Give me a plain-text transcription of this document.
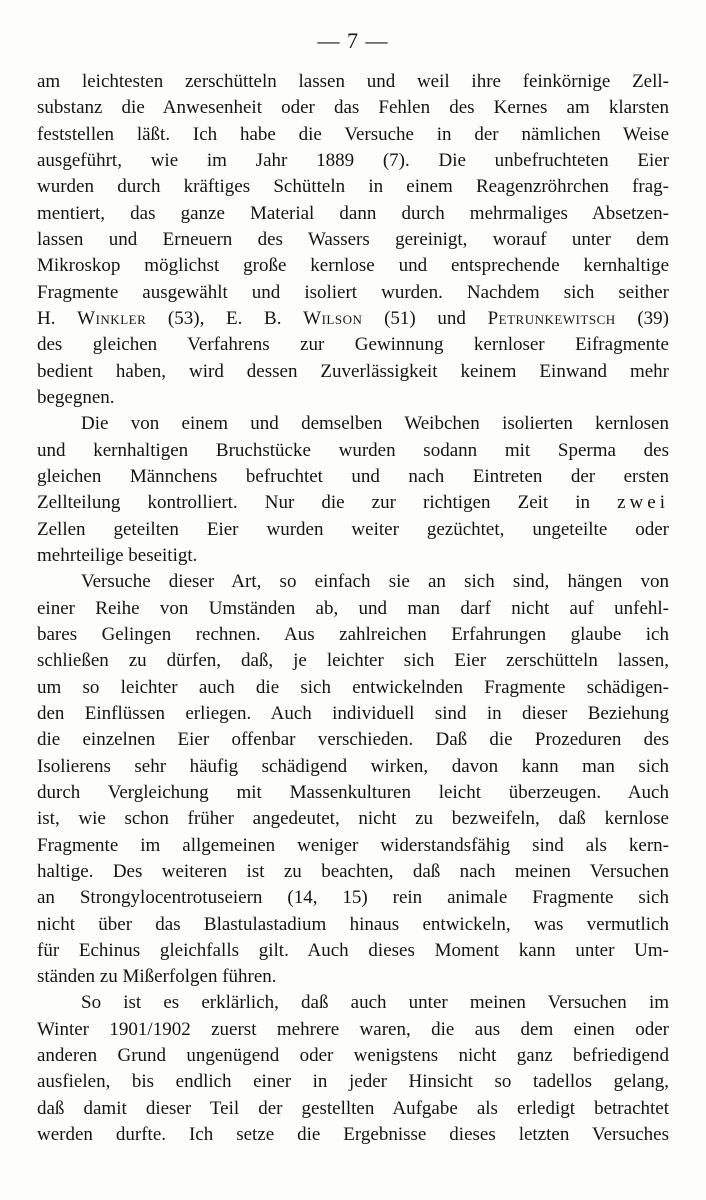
— 7 —
am leichtesten zerschütteln lassen und weil ihre feinkörnige Zell-
substanz die Anwesenheit oder das Fehlen des Kernes am klarsten
feststellen läßt. Ich habe die Versuche in der nämlichen Weise
ausgeführt, wie im Jahr 1889 (7). Die unbefruchteten Eier
wurden durch kräftiges Schütteln in einem Reagenzröhrchen frag-
mentiert, das ganze Material dann durch mehrmaliges Absetzen-
lassen und Erneuern des Wassers gereinigt, worauf unter dem
Mikroskop möglichst große kernlose und entsprechende kernhaltige
Fragmente ausgewählt und isoliert wurden. Nachdem sich seither
H. Winkler (53), E. B. Wilson (51) und Petrunkewitsch (39)
des gleichen Verfahrens zur Gewinnung kernloser Eifragmente
bedient haben, wird dessen Zuverlässigkeit keinem Einwand mehr
begegnen.
Die von einem und demselben Weibchen isolierten kernlosen
und kernhaltigen Bruchstücke wurden sodann mit Sperma des
gleichen Männchens befruchtet und nach Eintreten der ersten
Zellteilung kontrolliert. Nur die zur richtigen Zeit in zwei
Zellen geteilten Eier wurden weiter gezüchtet, ungeteilte oder
mehrteilige beseitigt.
Versuche dieser Art, so einfach sie an sich sind, hängen von
einer Reihe von Umständen ab, und man darf nicht auf unfehl-
bares Gelingen rechnen. Aus zahlreichen Erfahrungen glaube ich
schließen zu dürfen, daß, je leichter sich Eier zerschütteln lassen,
um so leichter auch die sich entwickelnden Fragmente schädigen-
den Einflüssen erliegen. Auch individuell sind in dieser Beziehung
die einzelnen Eier offenbar verschieden. Daß die Prozeduren des
Isolierens sehr häufig schädigend wirken, davon kann man sich
durch Vergleichung mit Massenkulturen leicht überzeugen. Auch
ist, wie schon früher angedeutet, nicht zu bezweifeln, daß kernlose
Fragmente im allgemeinen weniger widerstandsfähig sind als kern-
haltige. Des weiteren ist zu beachten, daß nach meinen Versuchen
an Strongylocentrotuseiern (14, 15) rein animale Fragmente sich
nicht über das Blastulastadium hinaus entwickeln, was vermutlich
für Echinus gleichfalls gilt. Auch dieses Moment kann unter Um-
ständen zu Mißerfolgen führen.
So ist es erklärlich, daß auch unter meinen Versuchen im
Winter 1901/1902 zuerst mehrere waren, die aus dem einen oder
anderen Grund ungenügend oder wenigstens nicht ganz befriedigend
ausfielen, bis endlich einer in jeder Hinsicht so tadellos gelang,
daß damit dieser Teil der gestellten Aufgabe als erledigt betrachtet
werden durfte. Ich setze die Ergebnisse dieses letzten Versuches
